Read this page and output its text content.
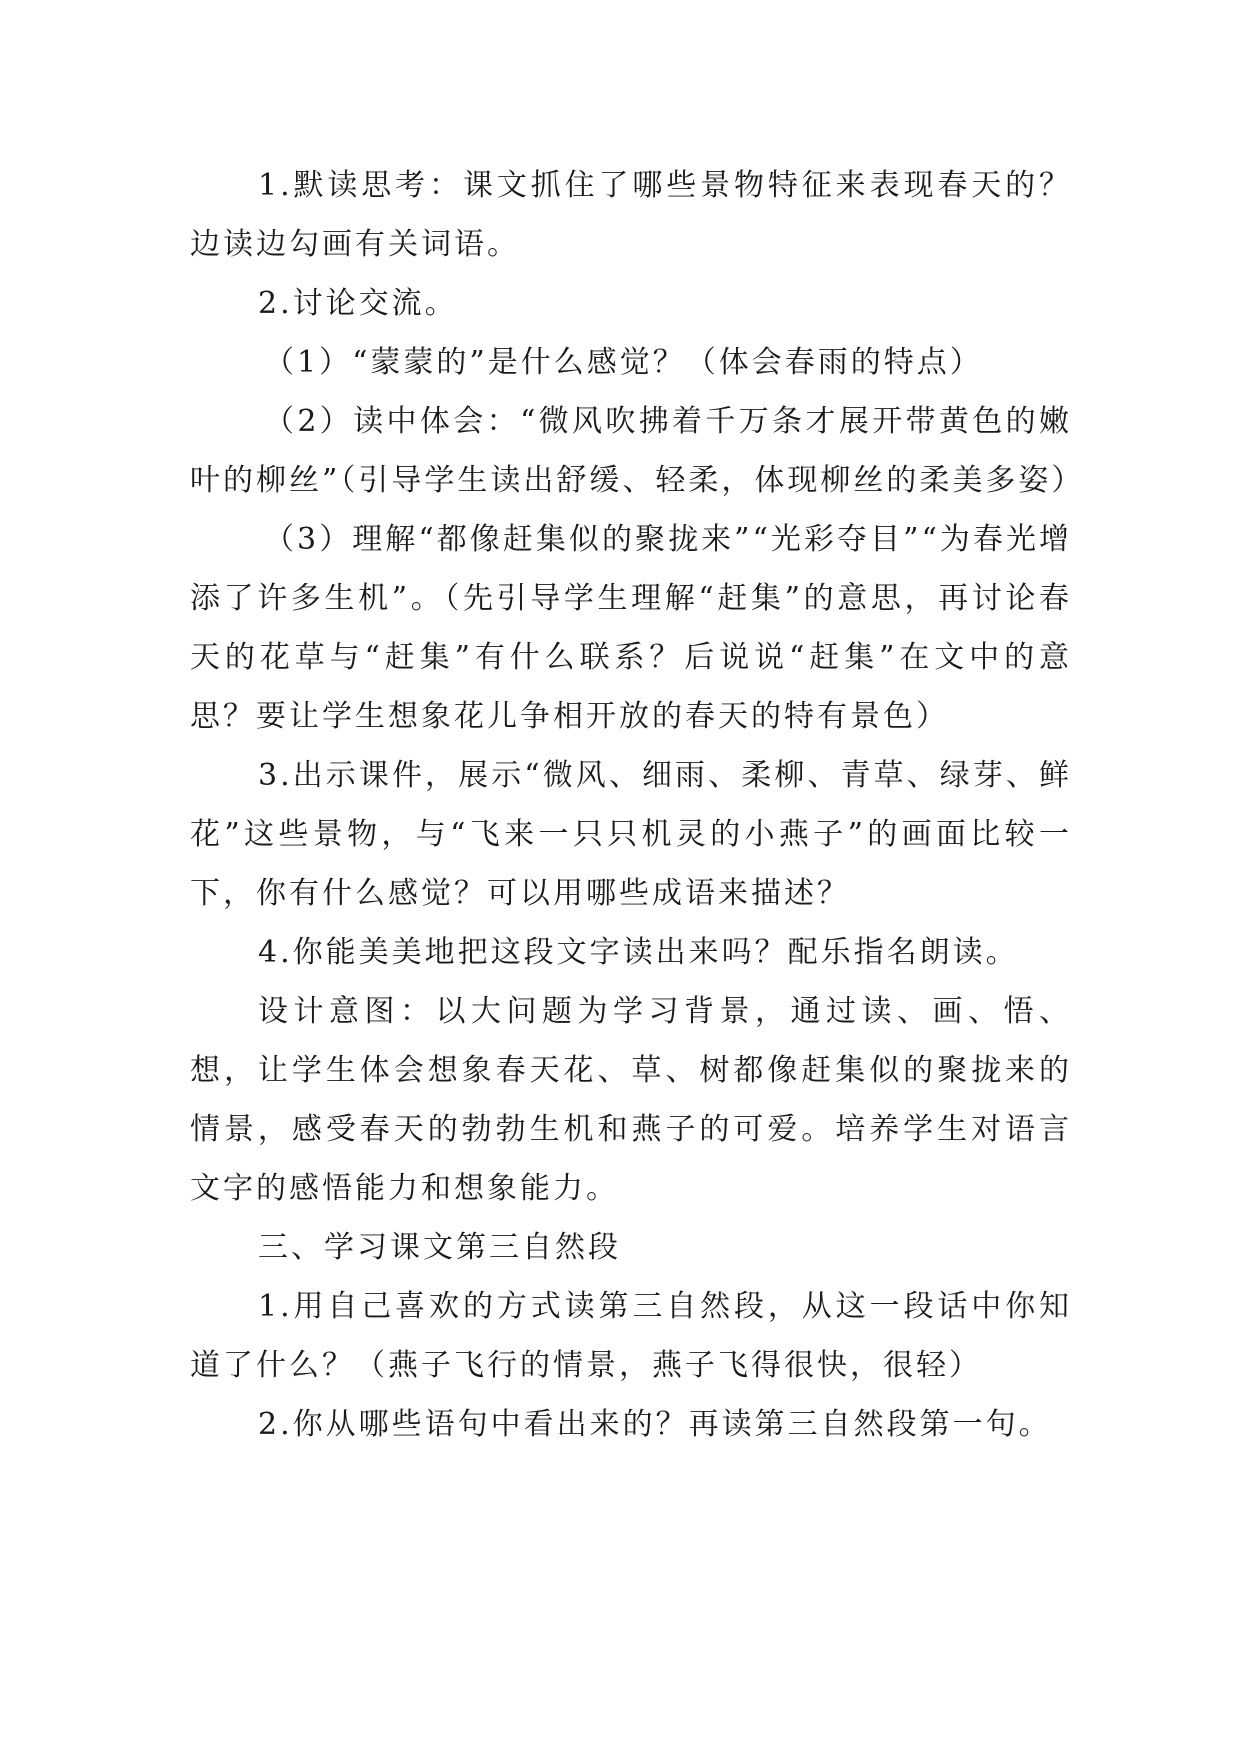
1.默读思考：课文抓住了哪些景物特征来表现春天的？边读边勾画有关词语。

2.讨论交流。

（1）“蒙蒙的”是什么感觉？（体会春雨的特点）

（2）读中体会：“微风吹拂着千万条才展开带黄色的嫩叶的柳丝”（引导学生读出舒缓、轻柔，体现柳丝的柔美多姿）

（3）理解“都像赶集似的聚拢来”“光彩夺目”“为春光增添了许多生机”。（先引导学生理解“赶集”的意思，再讨论春天的花草与“赶集”有什么联系？后说说“赶集”在文中的意思？要让学生想象花儿争相开放的春天的特有景色）

3.出示课件，展示“微风、细雨、柔柳、青草、绿芽、鲜花”这些景物，与“飞来一只只机灵的小燕子”的画面比较一下，你有什么感觉？可以用哪些成语来描述？

4.你能美美地把这段文字读出来吗？配乐指名朗读。

设计意图：以大问题为学习背景，通过读、画、悟、想，让学生体会想象春天花、草、树都像赶集似的聚拢来的情景，感受春天的勃勃生机和燕子的可爱。培养学生对语言文字的感悟能力和想象能力。

三、学习课文第三自然段

1.用自己喜欢的方式读第三自然段，从这一段话中你知道了什么？（燕子飞行的情景，燕子飞得很快，很轻）

2.你从哪些语句中看出来的？再读第三自然段第一句。
